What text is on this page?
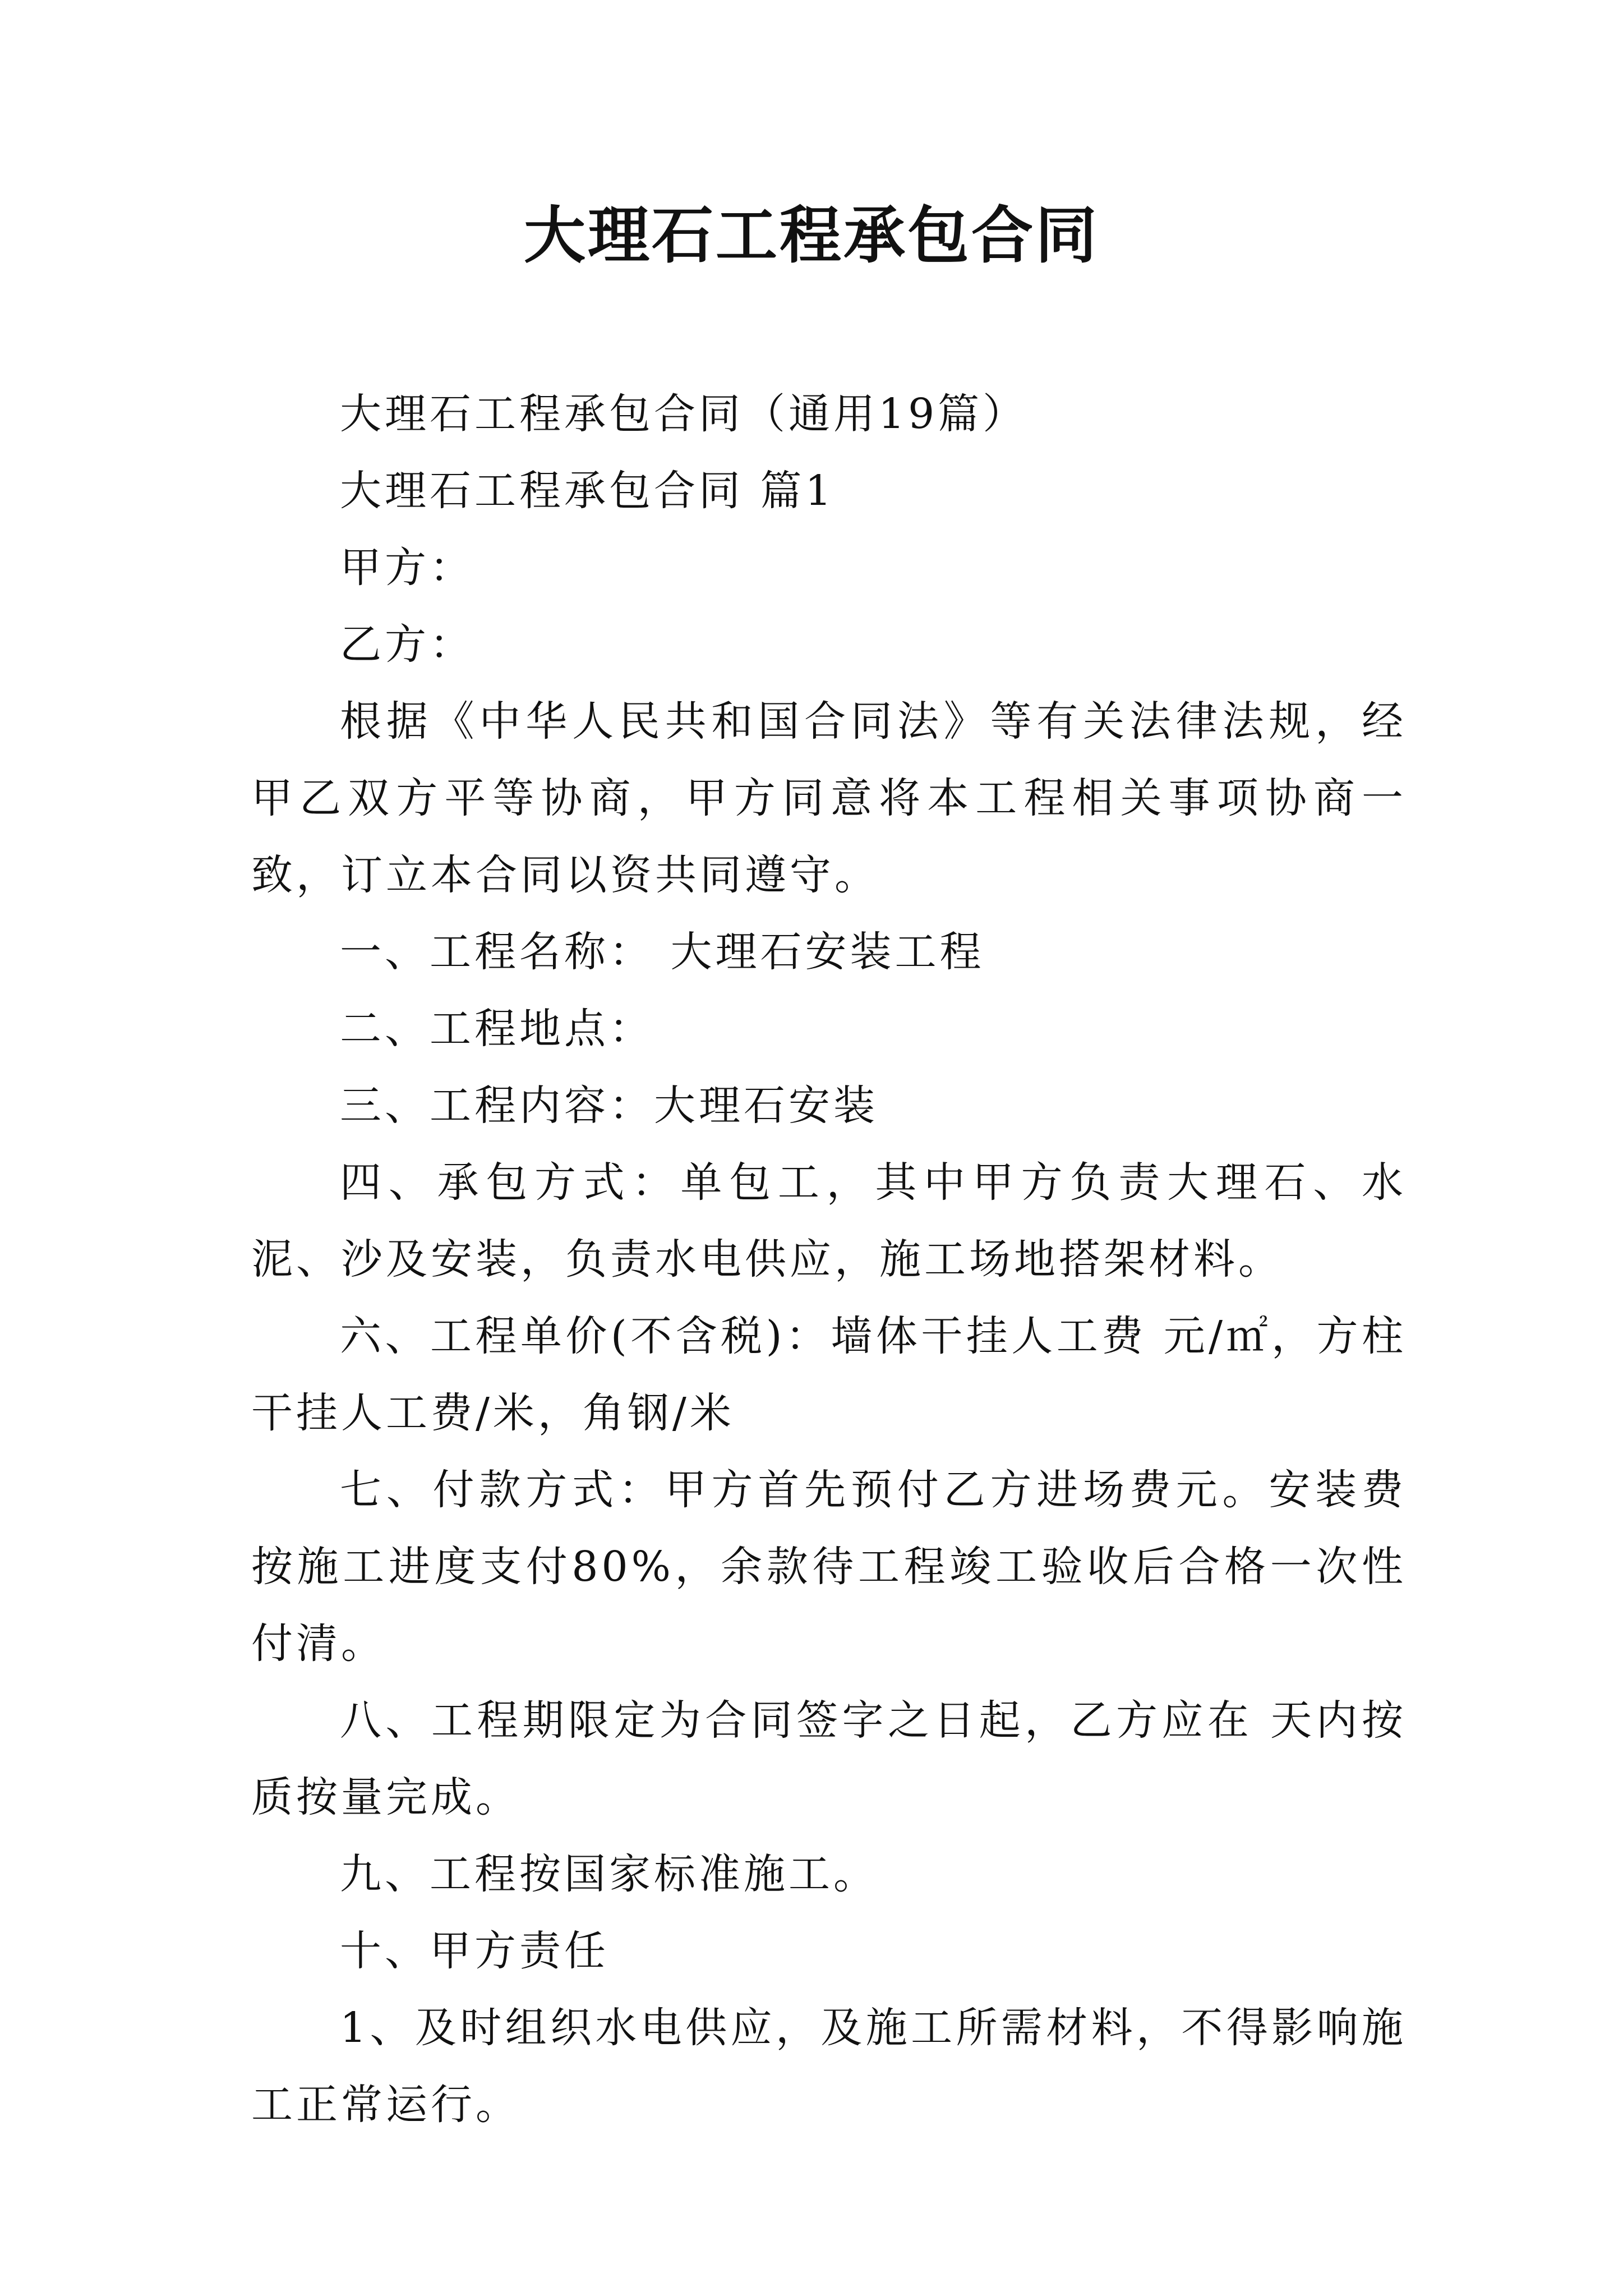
大理石工程承包合同

大理石工程承包合同（通用19篇）

大理石工程承包合同 篇1

甲方：

乙方：

根据《中华人民共和国合同法》等有关法律法规，经甲乙双方平等协商，甲方同意将本工程相关事项协商一致，订立本合同以资共同遵守。

一、工程名称： 大理石安装工程

二、工程地点：

三、工程内容：大理石安装

四、承包方式：单包工，其中甲方负责大理石、水泥、沙及安装，负责水电供应，施工场地搭架材料。

六、工程单价(不含税)：墙体干挂人工费 元/㎡，方柱干挂人工费/米，角钢/米

七、付款方式：甲方首先预付乙方进场费元。安装费按施工进度支付80%，余款待工程竣工验收后合格一次性付清。

八、工程期限定为合同签字之日起，乙方应在 天内按质按量完成。

九、工程按国家标准施工。

十、甲方责任

1、及时组织水电供应，及施工所需材料，不得影响施工正常运行。
